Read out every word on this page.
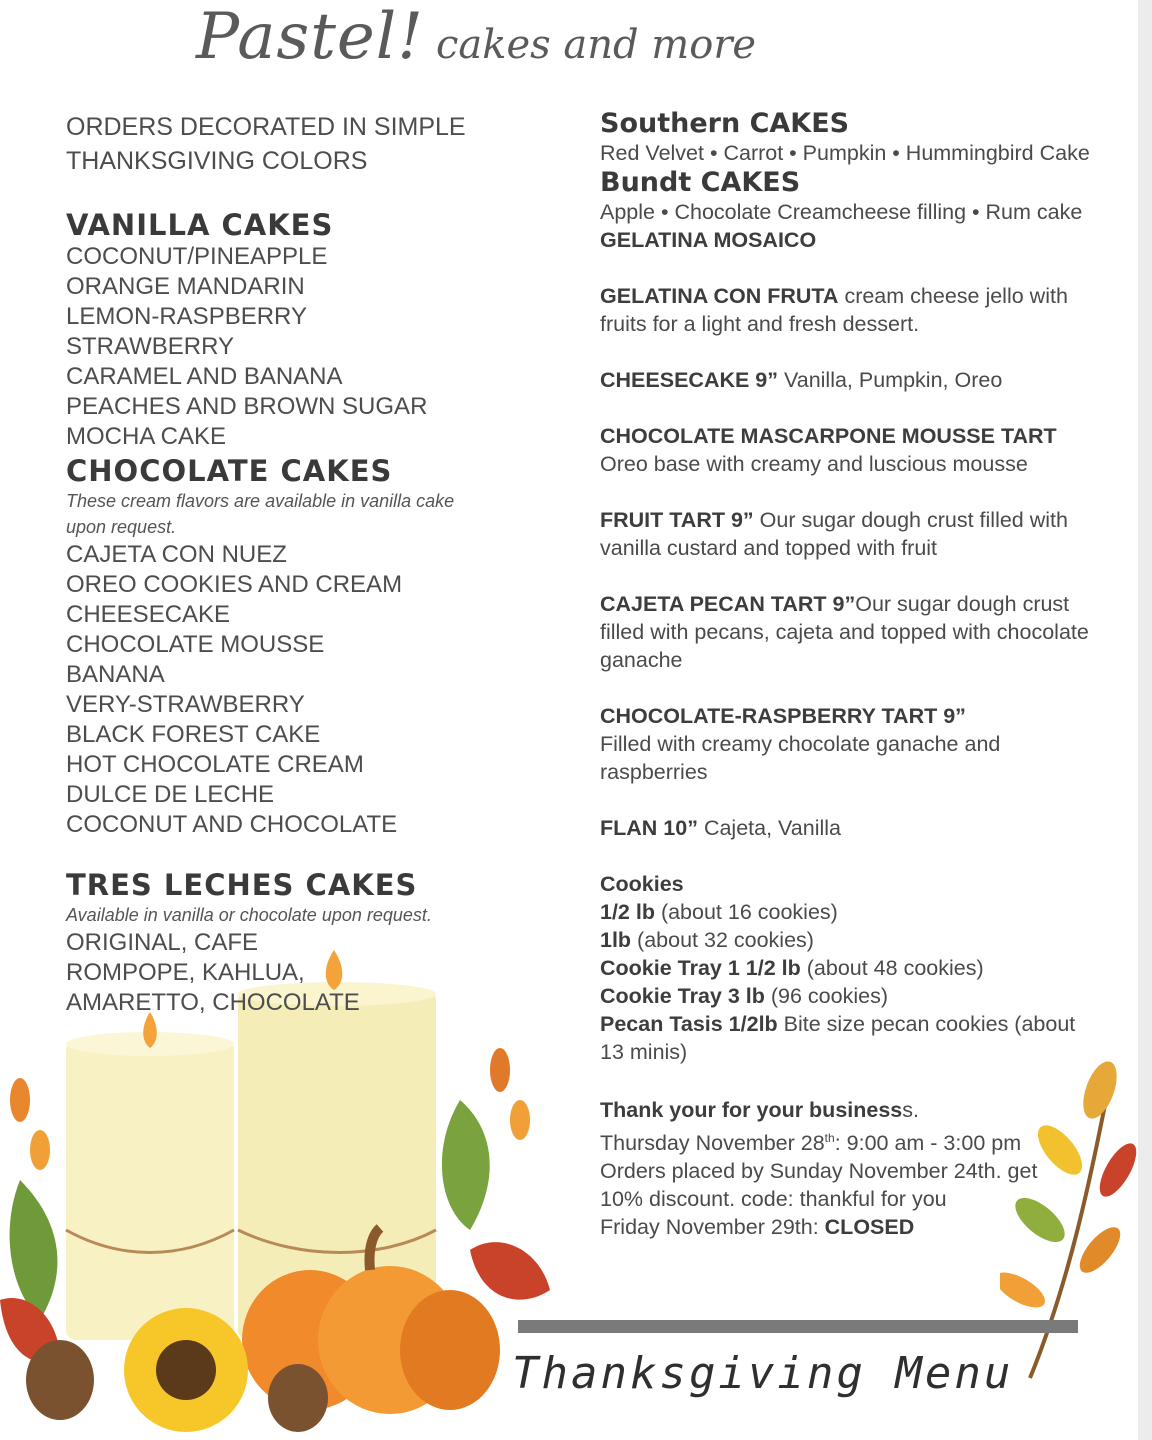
Pastel! cakes and more
ORDERS DECORATED IN SIMPLE
THANKSGIVING COLORS
VANILLA CAKES
COCONUT/PINEAPPLE
ORANGE MANDARIN
LEMON-RASPBERRY
STRAWBERRY
CARAMEL AND BANANA
PEACHES AND BROWN SUGAR
MOCHA CAKE
CHOCOLATE CAKES
These cream flavors are available in vanilla cake upon request.
CAJETA CON NUEZ
OREO COOKIES AND CREAM
CHEESECAKE
CHOCOLATE MOUSSE
BANANA
VERY-STRAWBERRY
BLACK FOREST CAKE
HOT CHOCOLATE CREAM
DULCE DE LECHE
COCONUT AND CHOCOLATE
TRES LECHES CAKES
Available in vanilla or chocolate upon request.
ORIGINAL, CAFE
ROMPOPE, KAHLUA,
AMARETTO, CHOCOLATE
Southern CAKES
Red Velvet • Carrot • Pumpkin • Hummingbird Cake
Bundt CAKES
Apple • Chocolate Creamcheese filling • Rum cake
GELATINA MOSAICO
GELATINA CON FRUTA cream cheese jello with fruits for a light and fresh dessert.
CHEESECAKE 9” Vanilla, Pumpkin, Oreo
CHOCOLATE MASCARPONE MOUSSE TART Oreo base with creamy and luscious mousse
FRUIT TART 9” Our sugar dough crust filled with vanilla custard and topped with fruit
CAJETA PECAN TART 9”Our sugar dough crust filled with pecans, cajeta and topped with chocolate ganache
CHOCOLATE-RASPBERRY TART 9”
Filled with creamy chocolate ganache and raspberries
FLAN 10” Cajeta, Vanilla
Cookies
1/2 lb (about 16 cookies)
1lb (about 32 cookies)
Cookie Tray 1 1/2 lb (about 48 cookies)
Cookie Tray 3 lb (96 cookies)
Pecan Tasis 1/2lb Bite size pecan cookies (about 13 minis)
Thank your for your businesss.
Thursday November 28th: 9:00 am - 3:00 pm
Orders placed by Sunday November 24th. get 10% discount. code: thankful for you
Friday November 29th: CLOSED
Thanksgiving Menu
